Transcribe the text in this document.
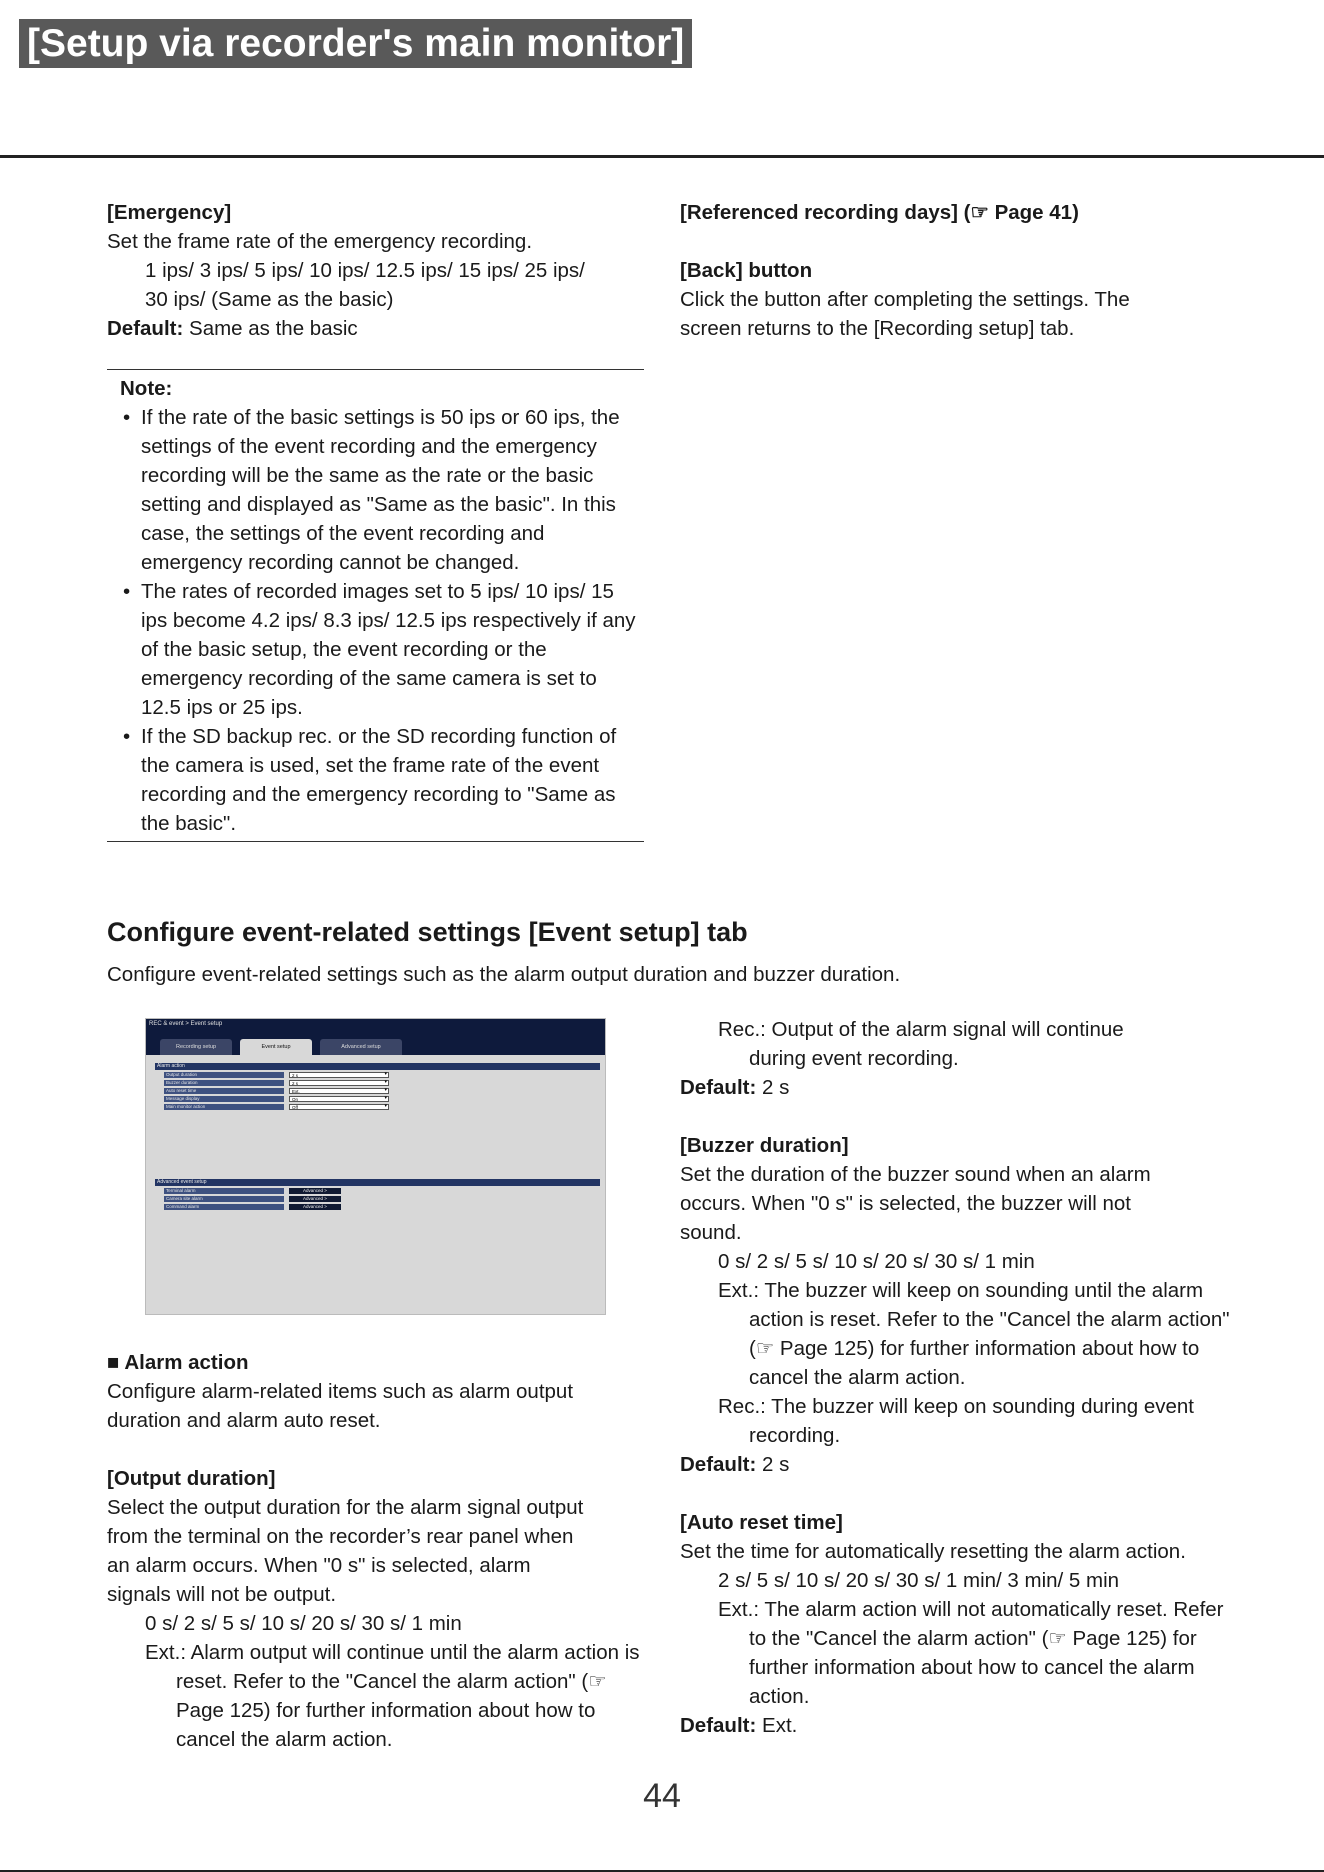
[Setup via recorder's main monitor]

[Emergency]

Set the frame rate of the emergency recording.

1 ips/ 3 ips/ 5 ips/ 10 ips/ 12.5 ips/ 15 ips/ 25 ips/

30 ips/ (Same as the basic)

Default: Same as the basic

Note:
• If the rate of the basic settings is 50 ips or 60 ips, the settings of the event recording and the emergency recording will be the same as the rate or the basic setting and displayed as "Same as the basic". In this case, the settings of the event recording and emergency recording cannot be changed.
• The rates of recorded images set to 5 ips/ 10 ips/ 15 ips become 4.2 ips/ 8.3 ips/ 12.5 ips respectively if any of the basic setup, the event recording or the emergency recording of the same camera is set to 12.5 ips or 25 ips.
• If the SD backup rec. or the SD recording function of the camera is used, set the frame rate of the event recording and the emergency recording to "Same as the basic".

[Referenced recording days] (☞ Page 41)

[Back] button

Click the button after completing the settings. The

screen returns to the [Recording setup] tab.

Configure event-related settings [Event setup] tab
Configure event-related settings such as the alarm output duration and buzzer duration.
REC & event > Event setup
Recording setup	Event setup	Advanced setup
Alarm action
Output duration	2 s ▾
Buzzer duration	2 s ▾
Auto reset time	Ext. ▾
Message display	On ▾
Main monitor action	Off ▾
Advanced event setup
Terminal alarm	Advanced >
Camera site alarm	Advanced >
Command alarm	Advanced >

■ Alarm action

Configure alarm-related items such as alarm output

duration and alarm auto reset.

[Output duration]

Select the output duration for the alarm signal output

from the terminal on the recorder’s rear panel when

an alarm occurs. When "0 s" is selected, alarm

signals will not be output.

0 s/ 2 s/ 5 s/ 10 s/ 20 s/ 30 s/ 1 min

Ext.: Alarm output will continue until the alarm action is reset. Refer to the "Cancel the alarm action" (☞ Page 125) for further information about how to cancel the alarm action.

Rec.: Output of the alarm signal will continue

during event recording.

Default: 2 s

[Buzzer duration]

Set the duration of the buzzer sound when an alarm

occurs. When "0 s" is selected, the buzzer will not

sound.

0 s/ 2 s/ 5 s/ 10 s/ 20 s/ 30 s/ 1 min

Ext.: The buzzer will keep on sounding until the alarm action is reset. Refer to the "Cancel the alarm action" (☞ Page 125) for further information about how to cancel the alarm action.

Rec.: The buzzer will keep on sounding during event recording.

Default: 2 s

[Auto reset time]

Set the time for automatically resetting the alarm action.

2 s/ 5 s/ 10 s/ 20 s/ 30 s/ 1 min/ 3 min/ 5 min

Ext.: The alarm action will not automatically reset. Refer to the "Cancel the alarm action" (☞ Page 125) for further information about how to cancel the alarm action.

Default: Ext.

44
